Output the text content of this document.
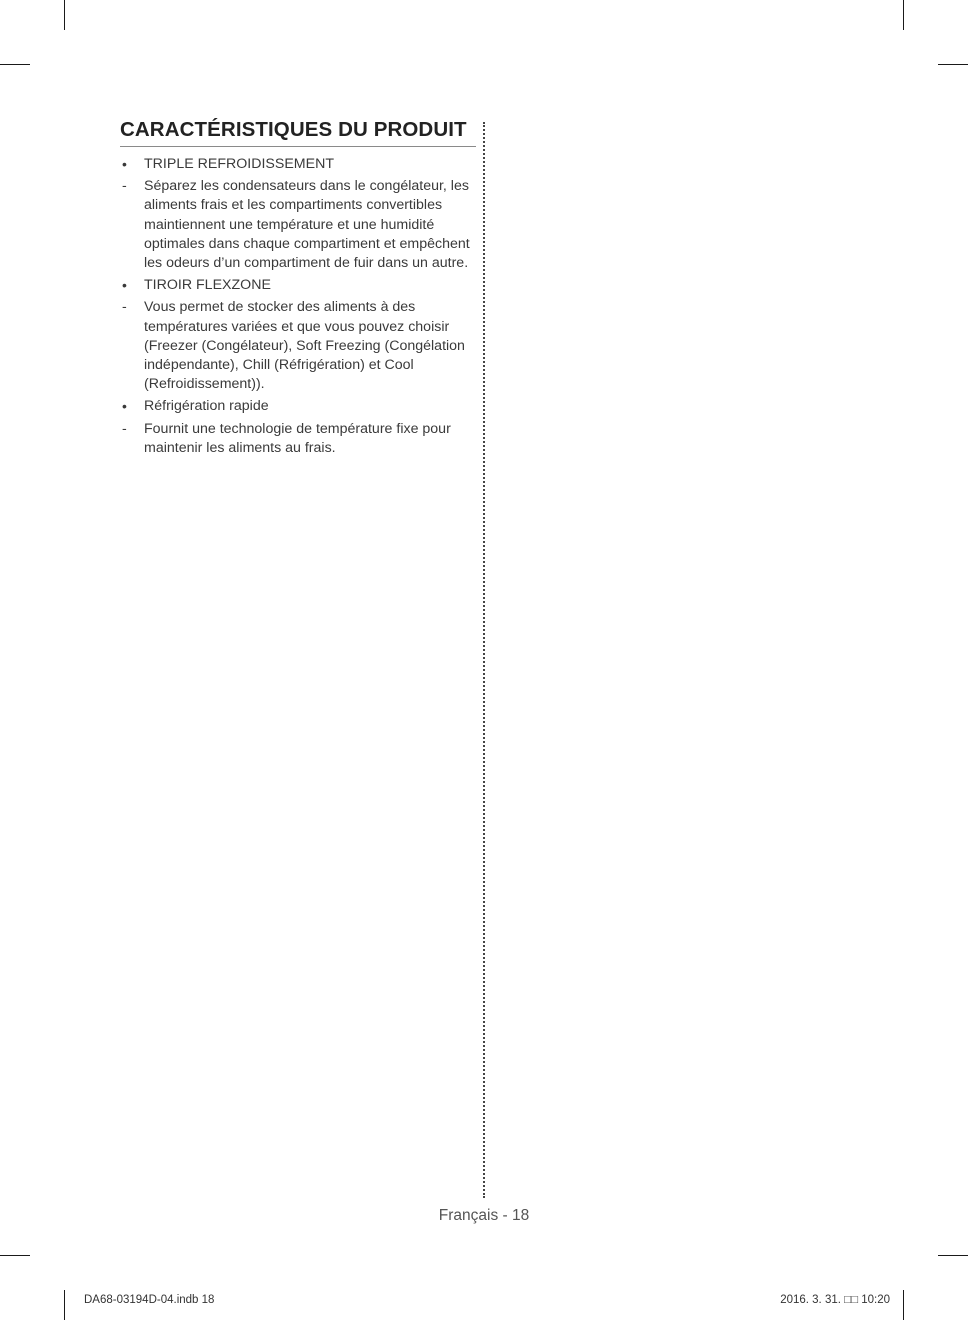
CARACTÉRISTIQUES DU PRODUIT
•	TRIPLE REFROIDISSEMENT
-	Séparez les condensateurs dans le congélateur, les aliments frais et les compartiments convertibles maintiennent une température et une humidité optimales dans chaque compartiment et empêchent les odeurs d’un compartiment de fuir dans un autre.
•	TIROIR FLEXZONE
-	Vous permet de stocker des aliments à des températures variées et que vous pouvez choisir (Freezer (Congélateur), Soft Freezing (Congélation indépendante), Chill (Réfrigération) et Cool (Refroidissement)).
•	Réfrigération rapide
-	Fournit une technologie de température fixe pour maintenir les aliments au frais.
Français - 18
DA68-03194D-04.indb 18	2016. 3. 31. □□ 10:20
